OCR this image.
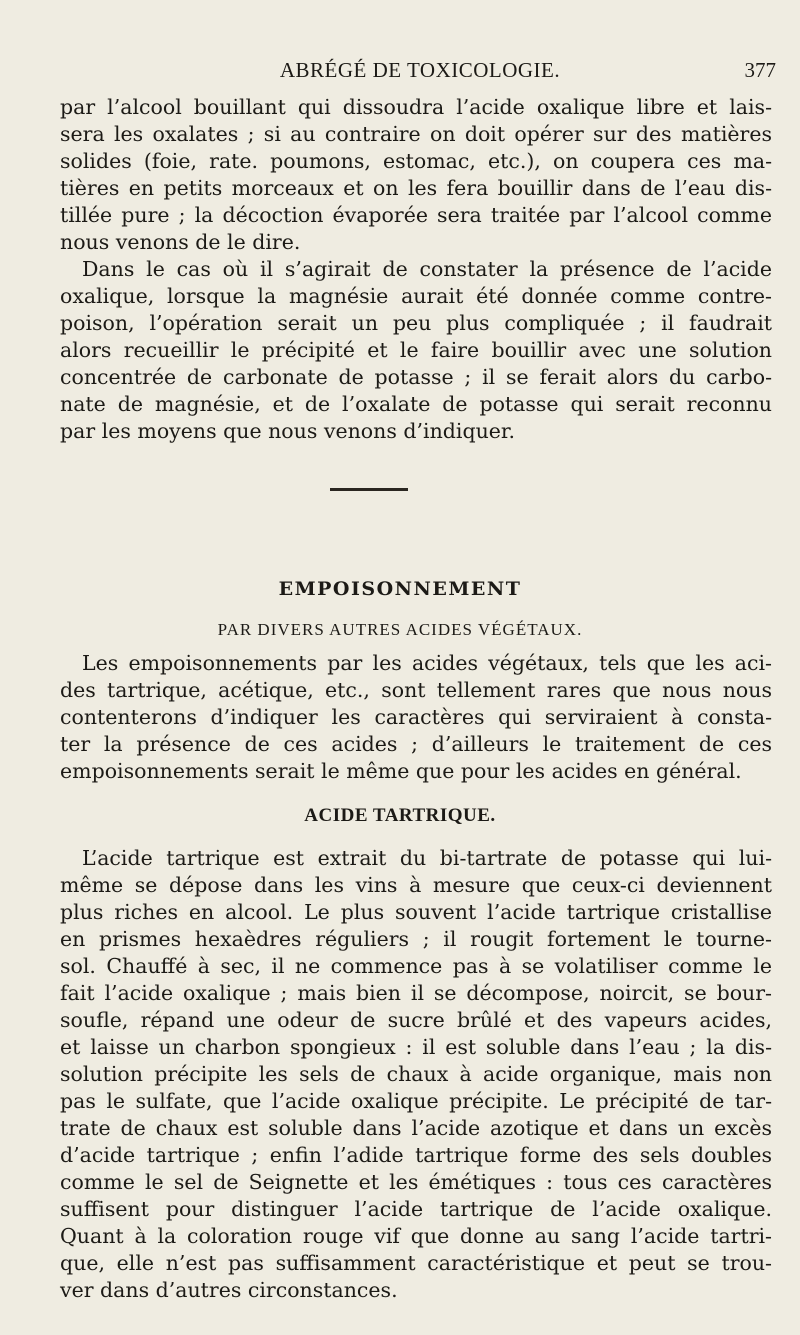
ABRÉGÉ DE TOXICOLOGIE.	377
par l’alcool bouillant qui dissoudra l’acide oxalique libre et lais-
sera les oxalates ; si au contraire on doit opérer sur des matières
solides (foie, rate. poumons, estomac, etc.), on coupera ces ma-
tières en petits morceaux et on les fera bouillir dans de l’eau dis-
tillée pure ; la décoction évaporée sera traitée par l’alcool comme
nous venons de le dire.
Dans le cas où il s’agirait de constater la présence de l’acide
oxalique, lorsque la magnésie aurait été donnée comme contre-
poison, l’opération serait un peu plus compliquée ; il faudrait
alors recueillir le précipité et le faire bouillir avec une solution
concentrée de carbonate de potasse ; il se ferait alors du carbo-
nate de magnésie, et de l’oxalate de potasse qui serait reconnu
par les moyens que nous venons d’indiquer.
EMPOISONNEMENT
PAR DIVERS AUTRES ACIDES VÉGÉTAUX.
Les empoisonnements par les acides végétaux, tels que les aci-
des tartrique, acétique, etc., sont tellement rares que nous nous
contenterons d’indiquer les caractères qui serviraient à consta-
ter la présence de ces acides ; d’ailleurs le traitement de ces
empoisonnements serait le même que pour les acides en général.
ACIDE TARTRIQUE.
L’acide tartrique est extrait du bi-tartrate de potasse qui lui-
même se dépose dans les vins à mesure que ceux-ci deviennent
plus riches en alcool. Le plus souvent l’acide tartrique cristallise
en prismes hexaèdres réguliers ; il rougit fortement le tourne-
sol. Chauffé à sec, il ne commence pas à se volatiliser comme le
fait l’acide oxalique ; mais bien il se décompose, noircit, se bour-
soufle, répand une odeur de sucre brûlé et des vapeurs acides,
et laisse un charbon spongieux : il est soluble dans l’eau ; la dis-
solution précipite les sels de chaux à acide organique, mais non
pas le sulfate, que l’acide oxalique précipite. Le précipité de tar-
trate de chaux est soluble dans l’acide azotique et dans un excès
d’acide tartrique ; enfin l’adide tartrique forme des sels doubles
comme le sel de Seignette et les émétiques : tous ces caractères
suffisent pour distinguer l’acide tartrique de l’acide oxalique.
Quant à la coloration rouge vif que donne au sang l’acide tartri-
que, elle n’est pas suffisamment caractéristique et peut se trou-
ver dans d’autres circonstances.
